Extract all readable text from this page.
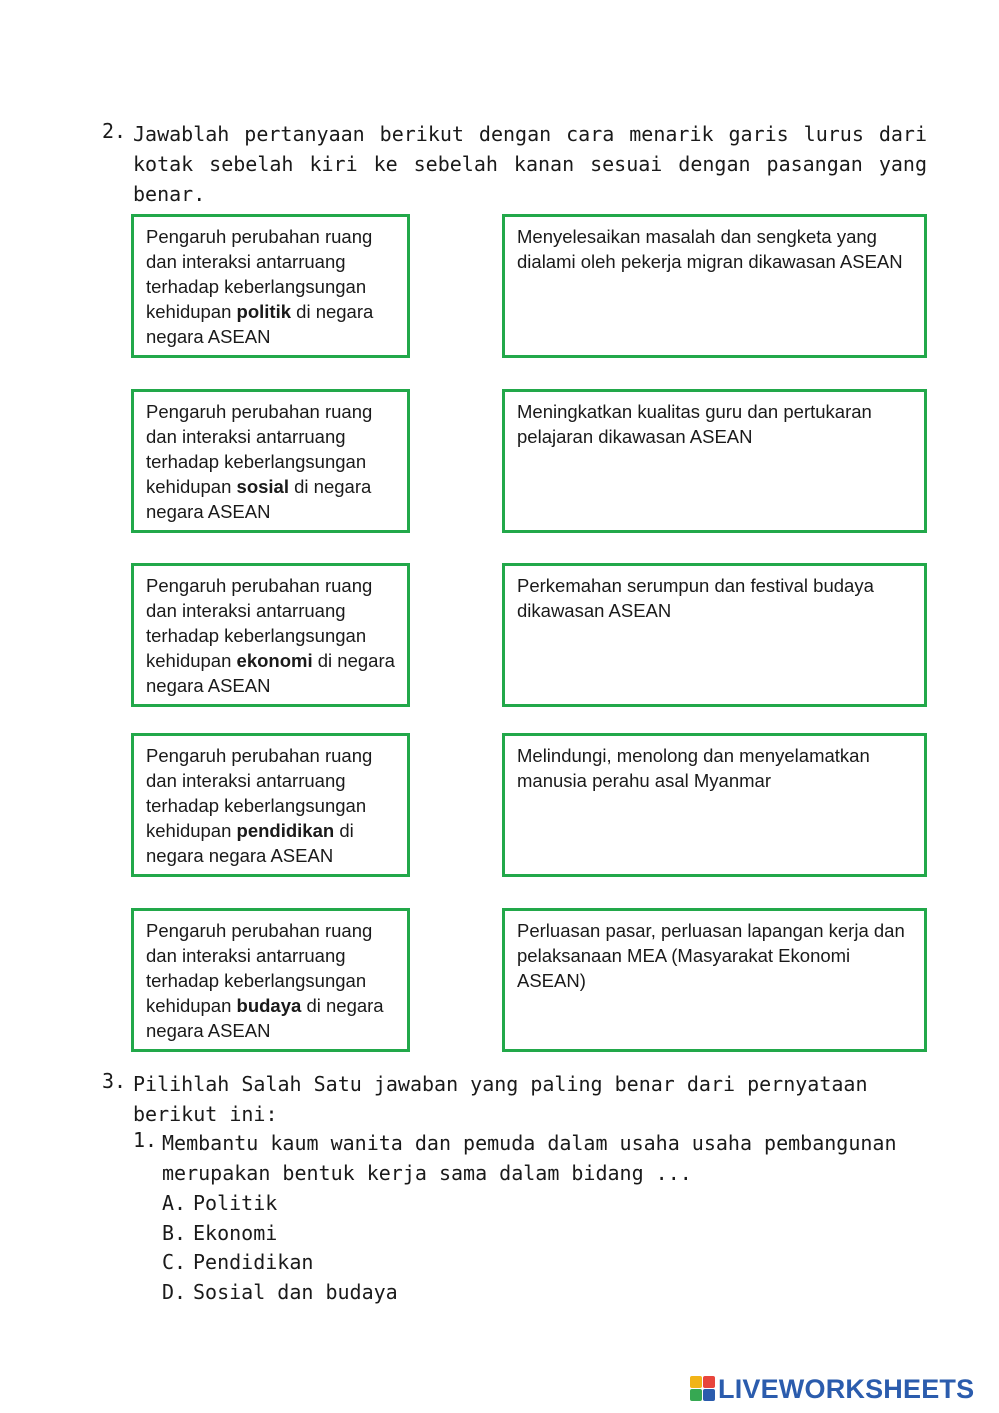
2. Jawablah pertanyaan berikut dengan cara menarik garis lurus dari kotak sebelah kiri ke sebelah kanan sesuai dengan pasangan yang benar.
Pengaruh perubahan ruang dan interaksi antarruang terhadap keberlangsungan kehidupan politik di negara negara ASEAN
Pengaruh perubahan ruang dan interaksi antarruang terhadap keberlangsungan kehidupan sosial di negara negara ASEAN
Pengaruh perubahan ruang dan interaksi antarruang terhadap keberlangsungan kehidupan ekonomi di negara negara ASEAN
Pengaruh perubahan ruang dan interaksi antarruang terhadap keberlangsungan kehidupan pendidikan di negara negara ASEAN
Pengaruh perubahan ruang dan interaksi antarruang terhadap keberlangsungan kehidupan budaya di negara negara ASEAN
Menyelesaikan masalah dan sengketa yang dialami oleh pekerja migran dikawasan ASEAN
Meningkatkan kualitas guru dan pertukaran pelajaran dikawasan ASEAN
Perkemahan serumpun dan festival budaya dikawasan ASEAN
Melindungi, menolong dan menyelamatkan manusia perahu asal Myanmar
Perluasan pasar, perluasan lapangan kerja dan pelaksanaan MEA (Masyarakat Ekonomi ASEAN)
3. Pilihlah Salah Satu jawaban yang paling benar dari pernyataan berikut ini:
1. Membantu kaum wanita dan pemuda dalam usaha usaha pembangunan merupakan bentuk kerja sama dalam bidang ...
A. Politik
B. Ekonomi
C. Pendidikan
D. Sosial dan budaya
LIVEWORKSHEETS
